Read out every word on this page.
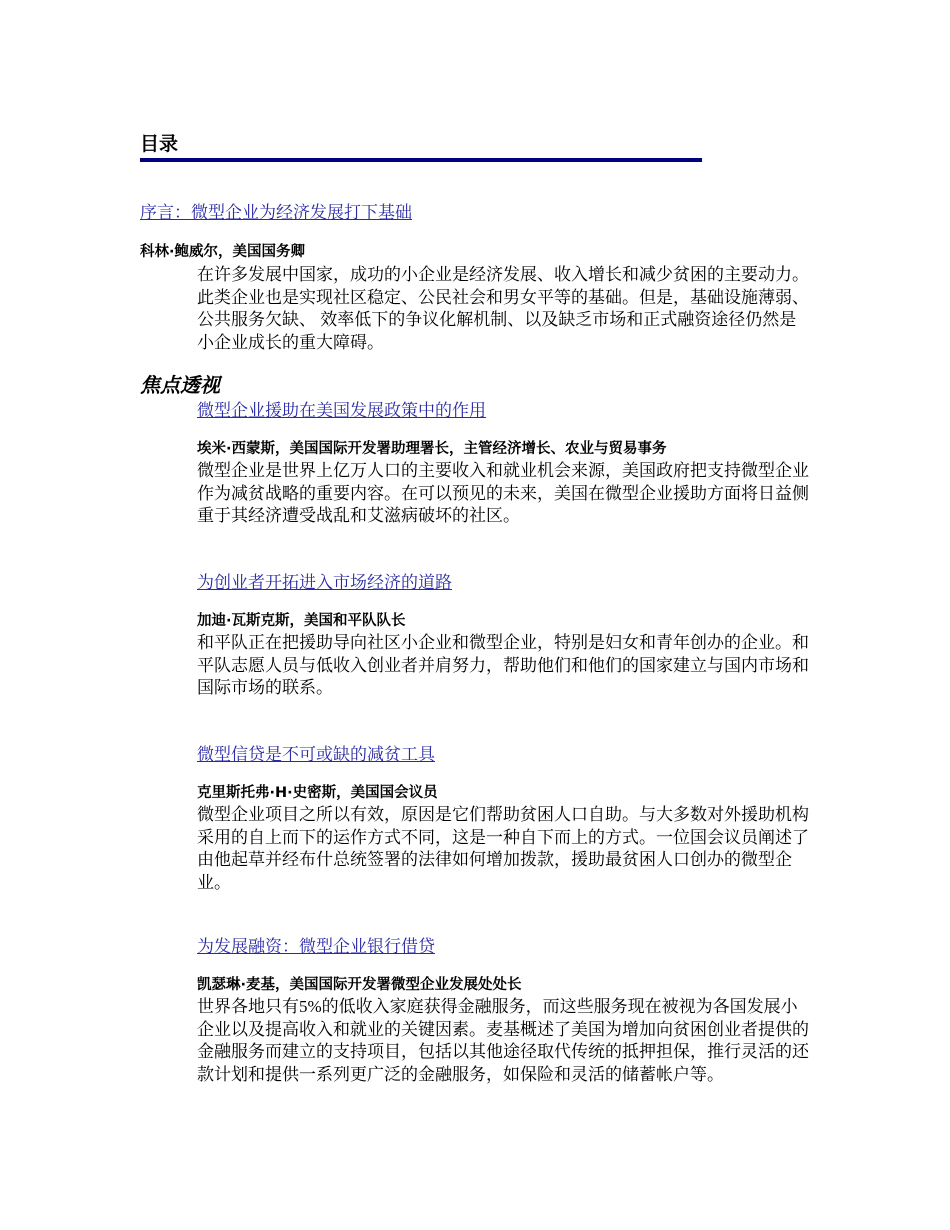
目录
序言：微型企业为经济发展打下基础
科林·鲍威尔，美国国务卿

在许多发展中国家，成功的小企业是经济发展、收入增长和减少贫困的主要动力。此类企业也是实现社区稳定、公民社会和男女平等的基础。但是，基础设施薄弱、公共服务欠缺、 效率低下的争议化解机制、以及缺乏市场和正式融资途径仍然是小企业成长的重大障碍。

焦点透视
微型企业援助在美国发展政策中的作用
埃米·西蒙斯，美国国际开发署助理署长，主管经济增长、农业与贸易事务

微型企业是世界上亿万人口的主要收入和就业机会来源，美国政府把支持微型企业作为减贫战略的重要内容。在可以预见的未来，美国在微型企业援助方面将日益侧重于其经济遭受战乱和艾滋病破坏的社区。

为创业者开拓进入市场经济的道路
加迪·瓦斯克斯，美国和平队队长

和平队正在把援助导向社区小企业和微型企业，特别是妇女和青年创办的企业。和平队志愿人员与低收入创业者并肩努力，帮助他们和他们的国家建立与国内市场和国际市场的联系。

微型信贷是不可或缺的减贫工具
克里斯托弗·H·史密斯，美国国会议员

微型企业项目之所以有效，原因是它们帮助贫困人口自助。与大多数对外援助机构采用的自上而下的运作方式不同，这是一种自下而上的方式。一位国会议员阐述了由他起草并经布什总统签署的法律如何增加拨款，援助最贫困人口创办的微型企业。

为发展融资：微型企业银行借贷
凯瑟琳·麦基，美国国际开发署微型企业发展处处长

世界各地只有5%的低收入家庭获得金融服务，而这些服务现在被视为各国发展小企业以及提高收入和就业的关键因素。麦基概述了美国为增加向贫困创业者提供的金融服务而建立的支持项目，包括以其他途径取代传统的抵押担保，推行灵活的还款计划和提供一系列更广泛的金融服务，如保险和灵活的储蓄帐户等。
